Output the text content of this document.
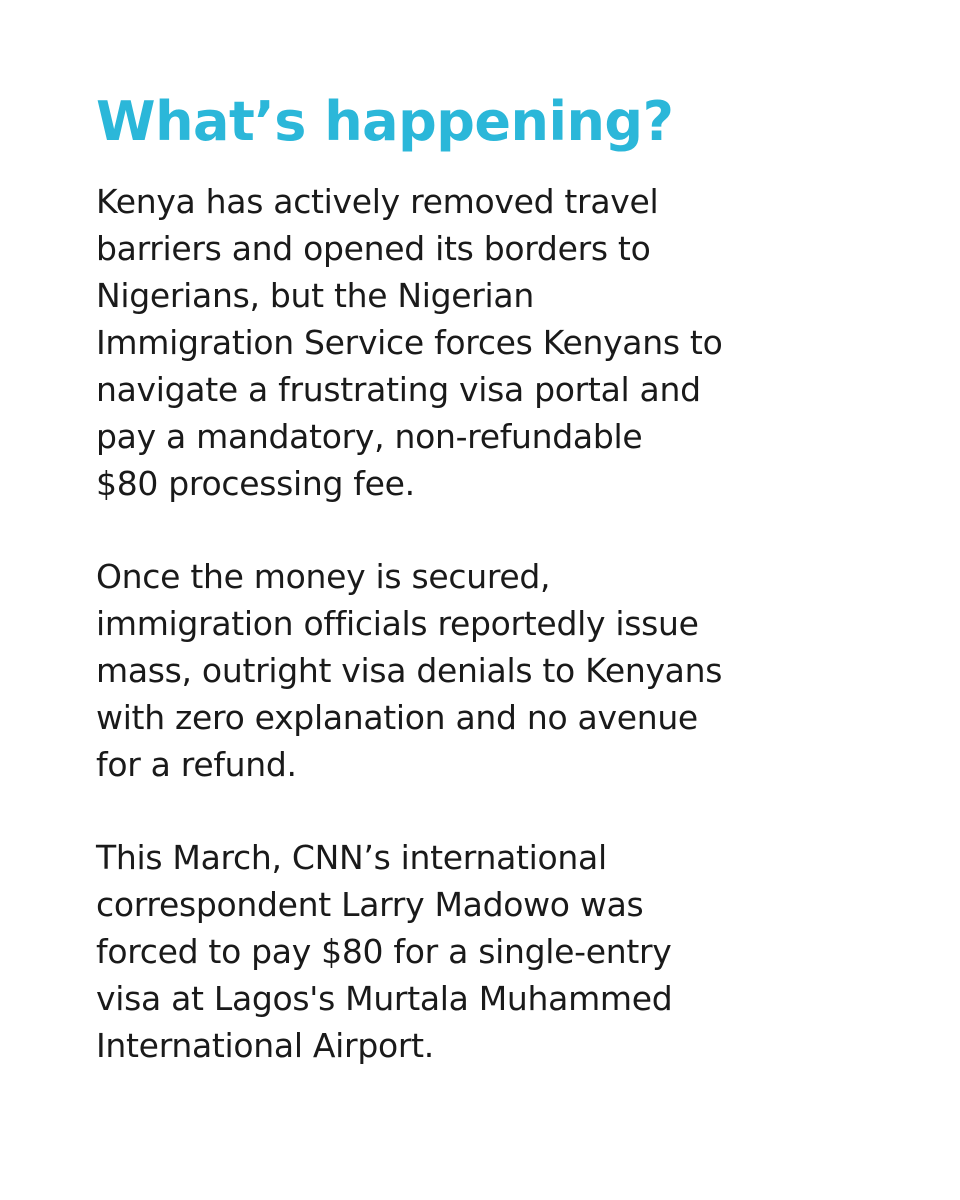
What’s happening?

Kenya has actively removed travel
barriers and opened its borders to
Nigerians, but the Nigerian
Immigration Service forces Kenyans to
navigate a frustrating visa portal and
pay a mandatory, non-refundable
$80 processing fee.

Once the money is secured,
immigration officials reportedly issue
mass, outright visa denials to Kenyans
with zero explanation and no avenue
for a refund.

This March, CNN’s international
correspondent Larry Madowo was
forced to pay $80 for a single-entry
visa at Lagos's Murtala Muhammed
International Airport.
